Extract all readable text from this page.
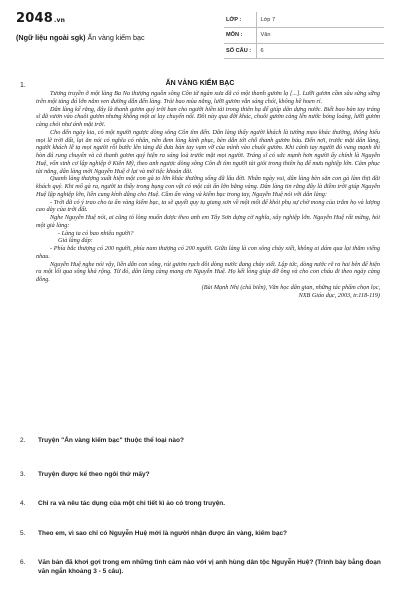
2048.vn
(Ngữ liệu ngoài sgk) Ấn vàng kiếm bạc
LỚP :	Lớp 7
MÔN :	Văn
SỐ CÂU :	6
1.	ẤN VÀNG KIẾM BẠC

Tương truyền ở một làng Ba Na thượng nguồn sông Côn từ ngàn xưa đã có một thanh gươm lạ [...]. Lưỡi gươm cầm sâu sừng sững trên một tảng đá lớn nằm ven đường dẫn đến làng. Trải bao mùa nắng, lưỡi gươm vẫn sáng chói, không hề hoen rỉ.

Dân làng kể rằng, đây là thanh gươm quý trời ban cho người hiền tài trong thiên hạ để giúp dân dựng nước. Biết bao bàn tay tráng sĩ đã vươn vào chuôi gươm nhưng không một ai lay chuyển nổi. Đôi này qua đời khác, chuôi gươm càng lên nước bóng loáng, lưỡi gươm càng chói như ánh mặt trời.

Cho đến ngày kia, có một người ngược dòng sông Côn tìm đến. Dân làng thấy người khách là tướng mạo khác thường, thông hiểu mọi lẽ trời đất, lại ăn nói có nghĩa có nhân, nên đem lòng kính phục, bèn dẫn tới chỗ thanh gươm báu. Đến nơi, trước mặt dân làng, người khách lễ tạ mọi người rồi bước lên tảng đá đưa bàn tay vạm vỡ của mình vào chuôi gươm. Khi cánh tay người đó vung mạnh thì hòn đá rung chuyển và cả thanh gươm quý hiện ra sáng loà trước mặt mọi người. Tráng sĩ có sức mạnh hơn người ấy chính là Nguyễn Huệ, vốn sinh cơ lập nghiệp ở Kiên Mỹ, theo anh ngược dòng sông Côn đi tìm người tài giỏi trong thiên hạ để mưu nghiệp lớn. Cảm phục tài năng, dân làng mời Nguyễn Huệ ở lại và mở tiệc khoản đãi.

Quanh làng thượng xuất hiện một con gà to lớn khác thường sống đã lâu đời. Nhân ngày vui, dân làng bèn săn con gà làm thịt đãi khách quý. Khi mổ gà ra, người ta thấy trong bụng con vật có một cái ấn lớn bằng vàng. Dân làng tin rằng đây là điềm trời giúp Nguyễn Huệ lập nghiệp lớn, liền cung kính dâng cho Huệ. Cầm ấn vàng và kiếm bạc trong tay, Nguyễn Huệ nói với dân làng:

- Trời đã có ý trao cho ta ấn vàng kiếm bạc, ta sẽ quyết quy tụ giang sơn về một mối để khỏi phụ sự chờ mong của trăm họ và lượng cao dày của trời đất.

Nghe Nguyễn Huệ nói, ai cũng tỏ lòng muốn được theo anh em Tây Sơn dựng cờ nghĩa, xây nghiệp lớn. Nguyễn Huệ rất mừng, hỏi một già làng:

- Làng ta có bao nhiêu người?

Già làng đáp:

- Phía bắc thượng có 200 người, phía nam thượng có 200 người. Giữa làng là con sông chảy xiết, không ai dám qua lại thăm viếng nhau.

Nguyễn Huệ nghe nói vậy, liền dẫn con sông, rút gươm rạch đôi dòng nước đang chảy xiết. Lập tức, dòng nước rẽ ra hai bên để hiện ra một lối qua sông khá rộng. Từ đó, dân làng càng mang ơn Nguyễn Huệ. Họ kết lòng giúp đỡ ông và cho con cháu đi theo ngày càng đông.

(Bùi Mạnh Nhị (chủ biên), Văn học dân gian, những tác phẩm chọn lọc,

NXB Giáo dục, 2003, tr.118-119)

2. Truyện "Ấn vàng kiếm bạc" thuộc thể loại nào?
3. Truyện được kể theo ngôi thứ mấy?
4. Chỉ ra và nêu tác dụng của một chi tiết kì ảo có trong truyện.
5. Theo em, vì sao chỉ có Nguyễn Huệ mới là người nhận được ấn vàng, kiếm bạc?
6. Văn bản đã khơi gợi trong em những tình cảm nào với vị anh hùng dân tộc Nguyễn Huệ? (Trình bày bằng đoạn văn ngắn khoảng 3 - 5 câu).
